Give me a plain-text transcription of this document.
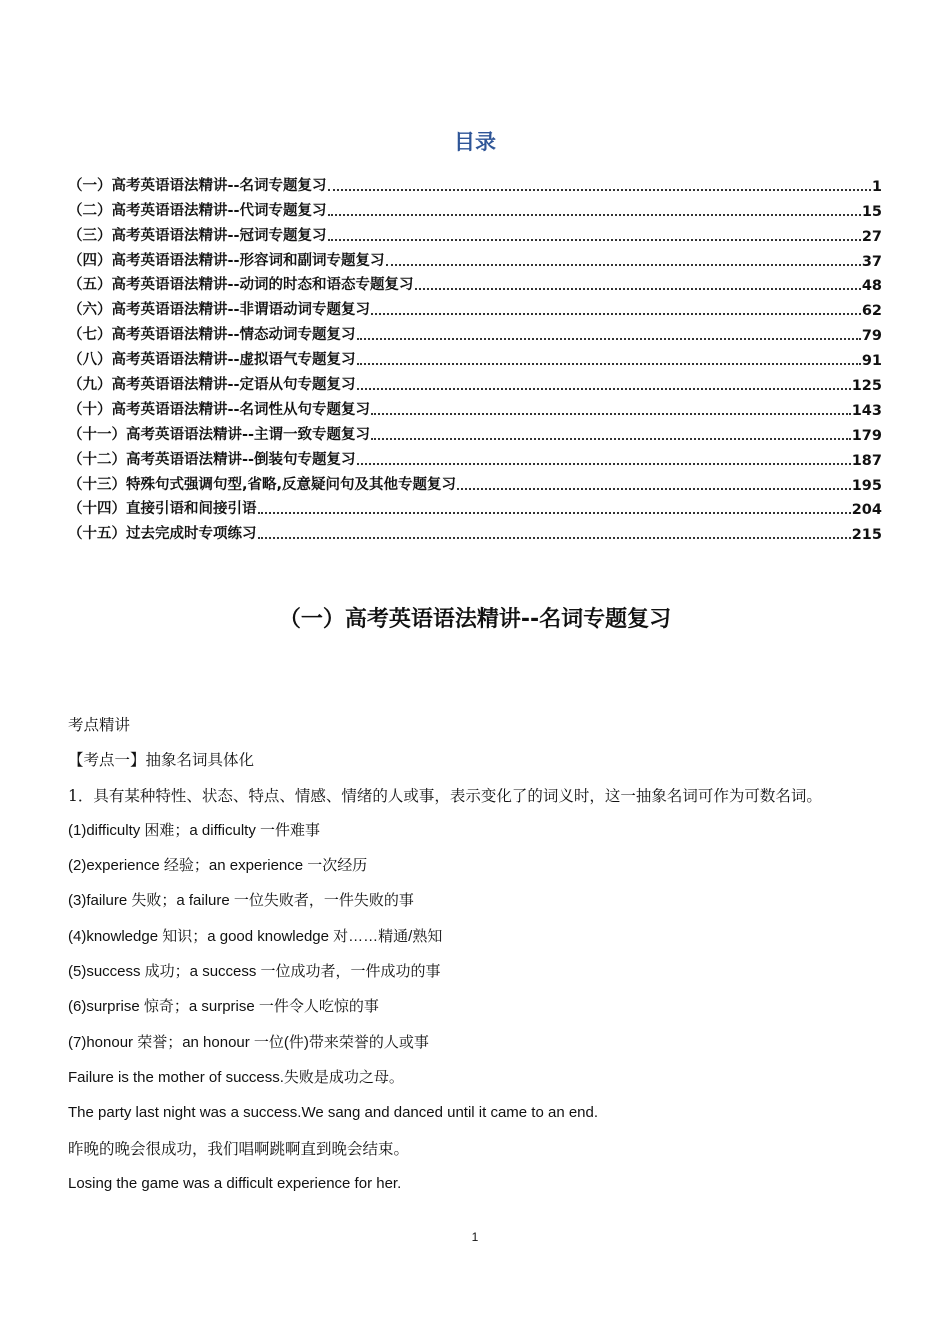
目录
（一）高考英语语法精讲--名词专题复习	1
（二）高考英语语法精讲--代词专题复习	15
（三）高考英语语法精讲--冠词专题复习	27
（四）高考英语语法精讲--形容词和副词专题复习	37
（五）高考英语语法精讲--动词的时态和语态专题复习	48
（六）高考英语语法精讲--非谓语动词专题复习	62
（七）高考英语语法精讲--情态动词专题复习	79
（八）高考英语语法精讲--虚拟语气专题复习	91
（九）高考英语语法精讲--定语从句专题复习	125
（十）高考英语语法精讲--名词性从句专题复习	143
（十一）高考英语语法精讲--主谓一致专题复习	179
（十二）高考英语语法精讲--倒装句专题复习	187
（十三）特殊句式强调句型,省略,反意疑问句及其他专题复习	195
（十四）直接引语和间接引语	204
（十五）过去完成时专项练习	215
（一）高考英语语法精讲--名词专题复习
考点精讲
【考点一】抽象名词具体化
1．具有某种特性、状态、特点、情感、情绪的人或事，表示变化了的词义时，这一抽象名词可作为可数名词。
(1)difficulty 困难；a difficulty 一件难事
(2)experience 经验；an experience 一次经历
(3)failure 失败；a failure 一位失败者，一件失败的事
(4)knowledge 知识；a good knowledge 对……精通/熟知
(5)success 成功；a success 一位成功者，一件成功的事
(6)surprise 惊奇；a surprise 一件令人吃惊的事
(7)honour 荣誉；an honour 一位(件)带来荣誉的人或事
Failure is the mother of success.失败是成功之母。
The party last night was a success.We sang and danced until it came to an end.
昨晚的晚会很成功，我们唱啊跳啊直到晚会结束。
Losing the game was a difficult experience for her.
1
